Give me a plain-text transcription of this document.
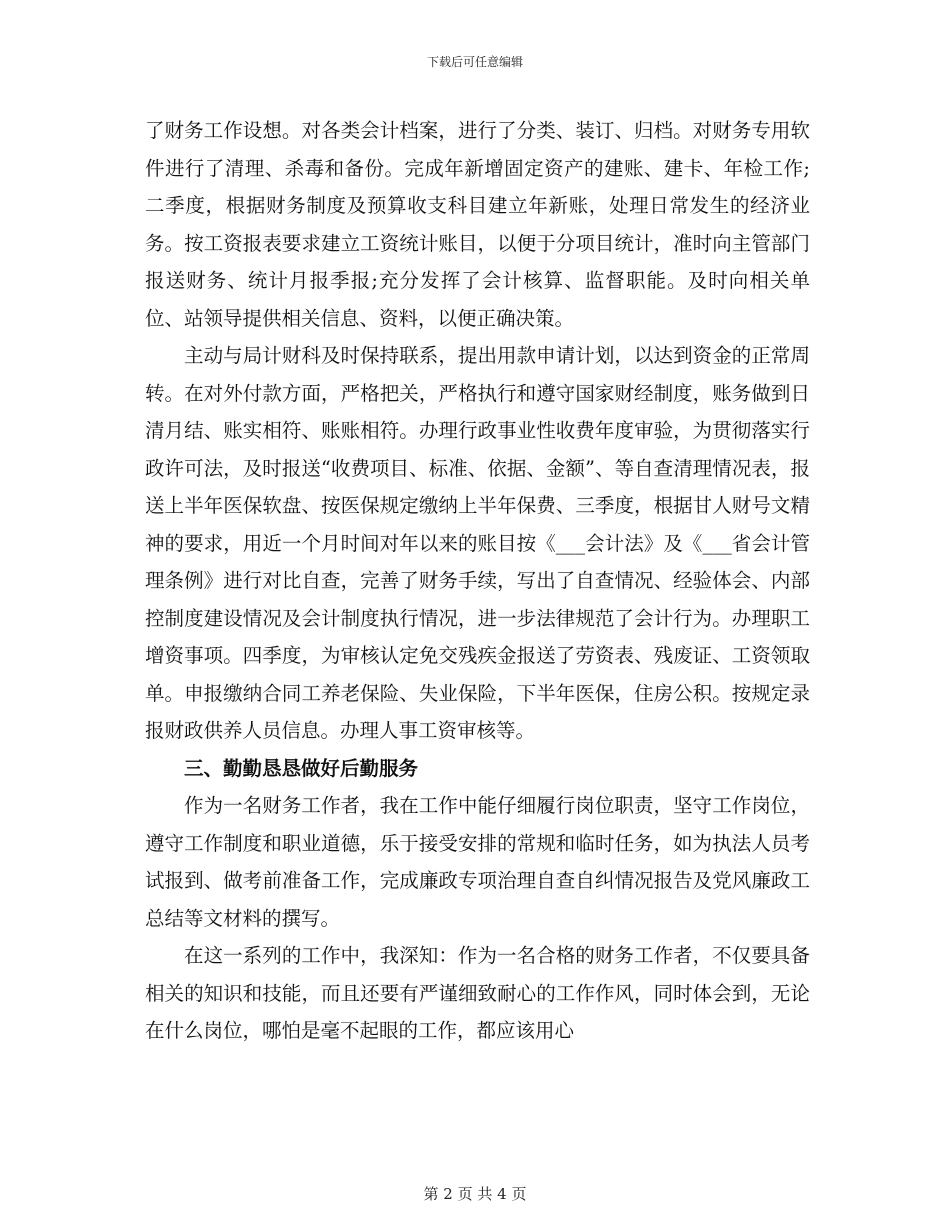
下载后可任意编辑

了财务工作设想。对各类会计档案，进行了分类、装订、归档。对财务专用软件进行了清理、杀毒和备份。完成年新增固定资产的建账、建卡、年检工作;二季度，根据财务制度及预算收支科目建立年新账，处理日常发生的经济业务。按工资报表要求建立工资统计账目，以便于分项目统计，准时向主管部门报送财务、统计月报季报;充分发挥了会计核算、监督职能。及时向相关单位、站领导提供相关信息、资料，以便正确决策。

主动与局计财科及时保持联系，提出用款申请计划，以达到资金的正常周转。在对外付款方面，严格把关，严格执行和遵守国家财经制度，账务做到日清月结、账实相符、账账相符。办理行政事业性收费年度审验，为贯彻落实行政许可法，及时报送“收费项目、标准、依据、金额”、等自查清理情况表，报送上半年医保软盘、按医保规定缴纳上半年保费、三季度，根据甘人财号文精神的要求，用近一个月时间对年以来的账目按《___会计法》及《___省会计管理条例》进行对比自查，完善了财务手续，写出了自查情况、经验体会、内部控制度建设情况及会计制度执行情况，进一步法律规范了会计行为。办理职工增资事项。四季度，为审核认定免交残疾金报送了劳资表、残废证、工资领取单。申报缴纳合同工养老保险、失业保险，下半年医保，住房公积。按规定录报财政供养人员信息。办理人事工资审核等。

三、勤勤恳恳做好后勤服务

作为一名财务工作者，我在工作中能仔细履行岗位职责，坚守工作岗位，遵守工作制度和职业道德，乐于接受安排的常规和临时任务，如为执法人员考试报到、做考前准备工作，完成廉政专项治理自查自纠情况报告及党风廉政工总结等文材料的撰写。

在这一系列的工作中，我深知：作为一名合格的财务工作者，不仅要具备相关的知识和技能，而且还要有严谨细致耐心的工作作风，同时体会到，无论在什么岗位，哪怕是毫不起眼的工作，都应该用心

第 2 页 共 4 页
